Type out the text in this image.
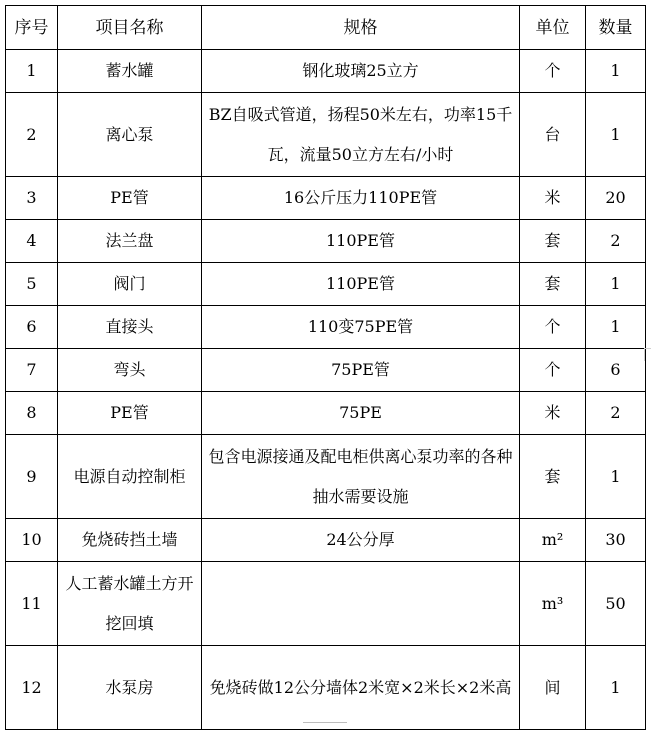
序号	项目名称	规格	单位	数量
1	蓄水罐	钢化玻璃25立方	个	1
2	离心泵	BZ自吸式管道，扬程50米左右，功率15千瓦，流量50立方左右/小时	台	1
3	PE管	16公斤压力110PE管	米	20
4	法兰盘	110PE管	套	2
5	阀门	110PE管	套	1
6	直接头	110变75PE管	个	1
7	弯头	75PE管	个	6
8	PE管	75PE	米	2
9	电源自动控制柜	包含电源接通及配电柜供离心泵功率的各种抽水需要设施	套	1
10	免烧砖挡土墙	24公分厚	m²	30
11	人工蓄水罐土方开挖回填		m³	50
12	水泵房	免烧砖做12公分墙体2米宽×2米长×2米高	间	1
